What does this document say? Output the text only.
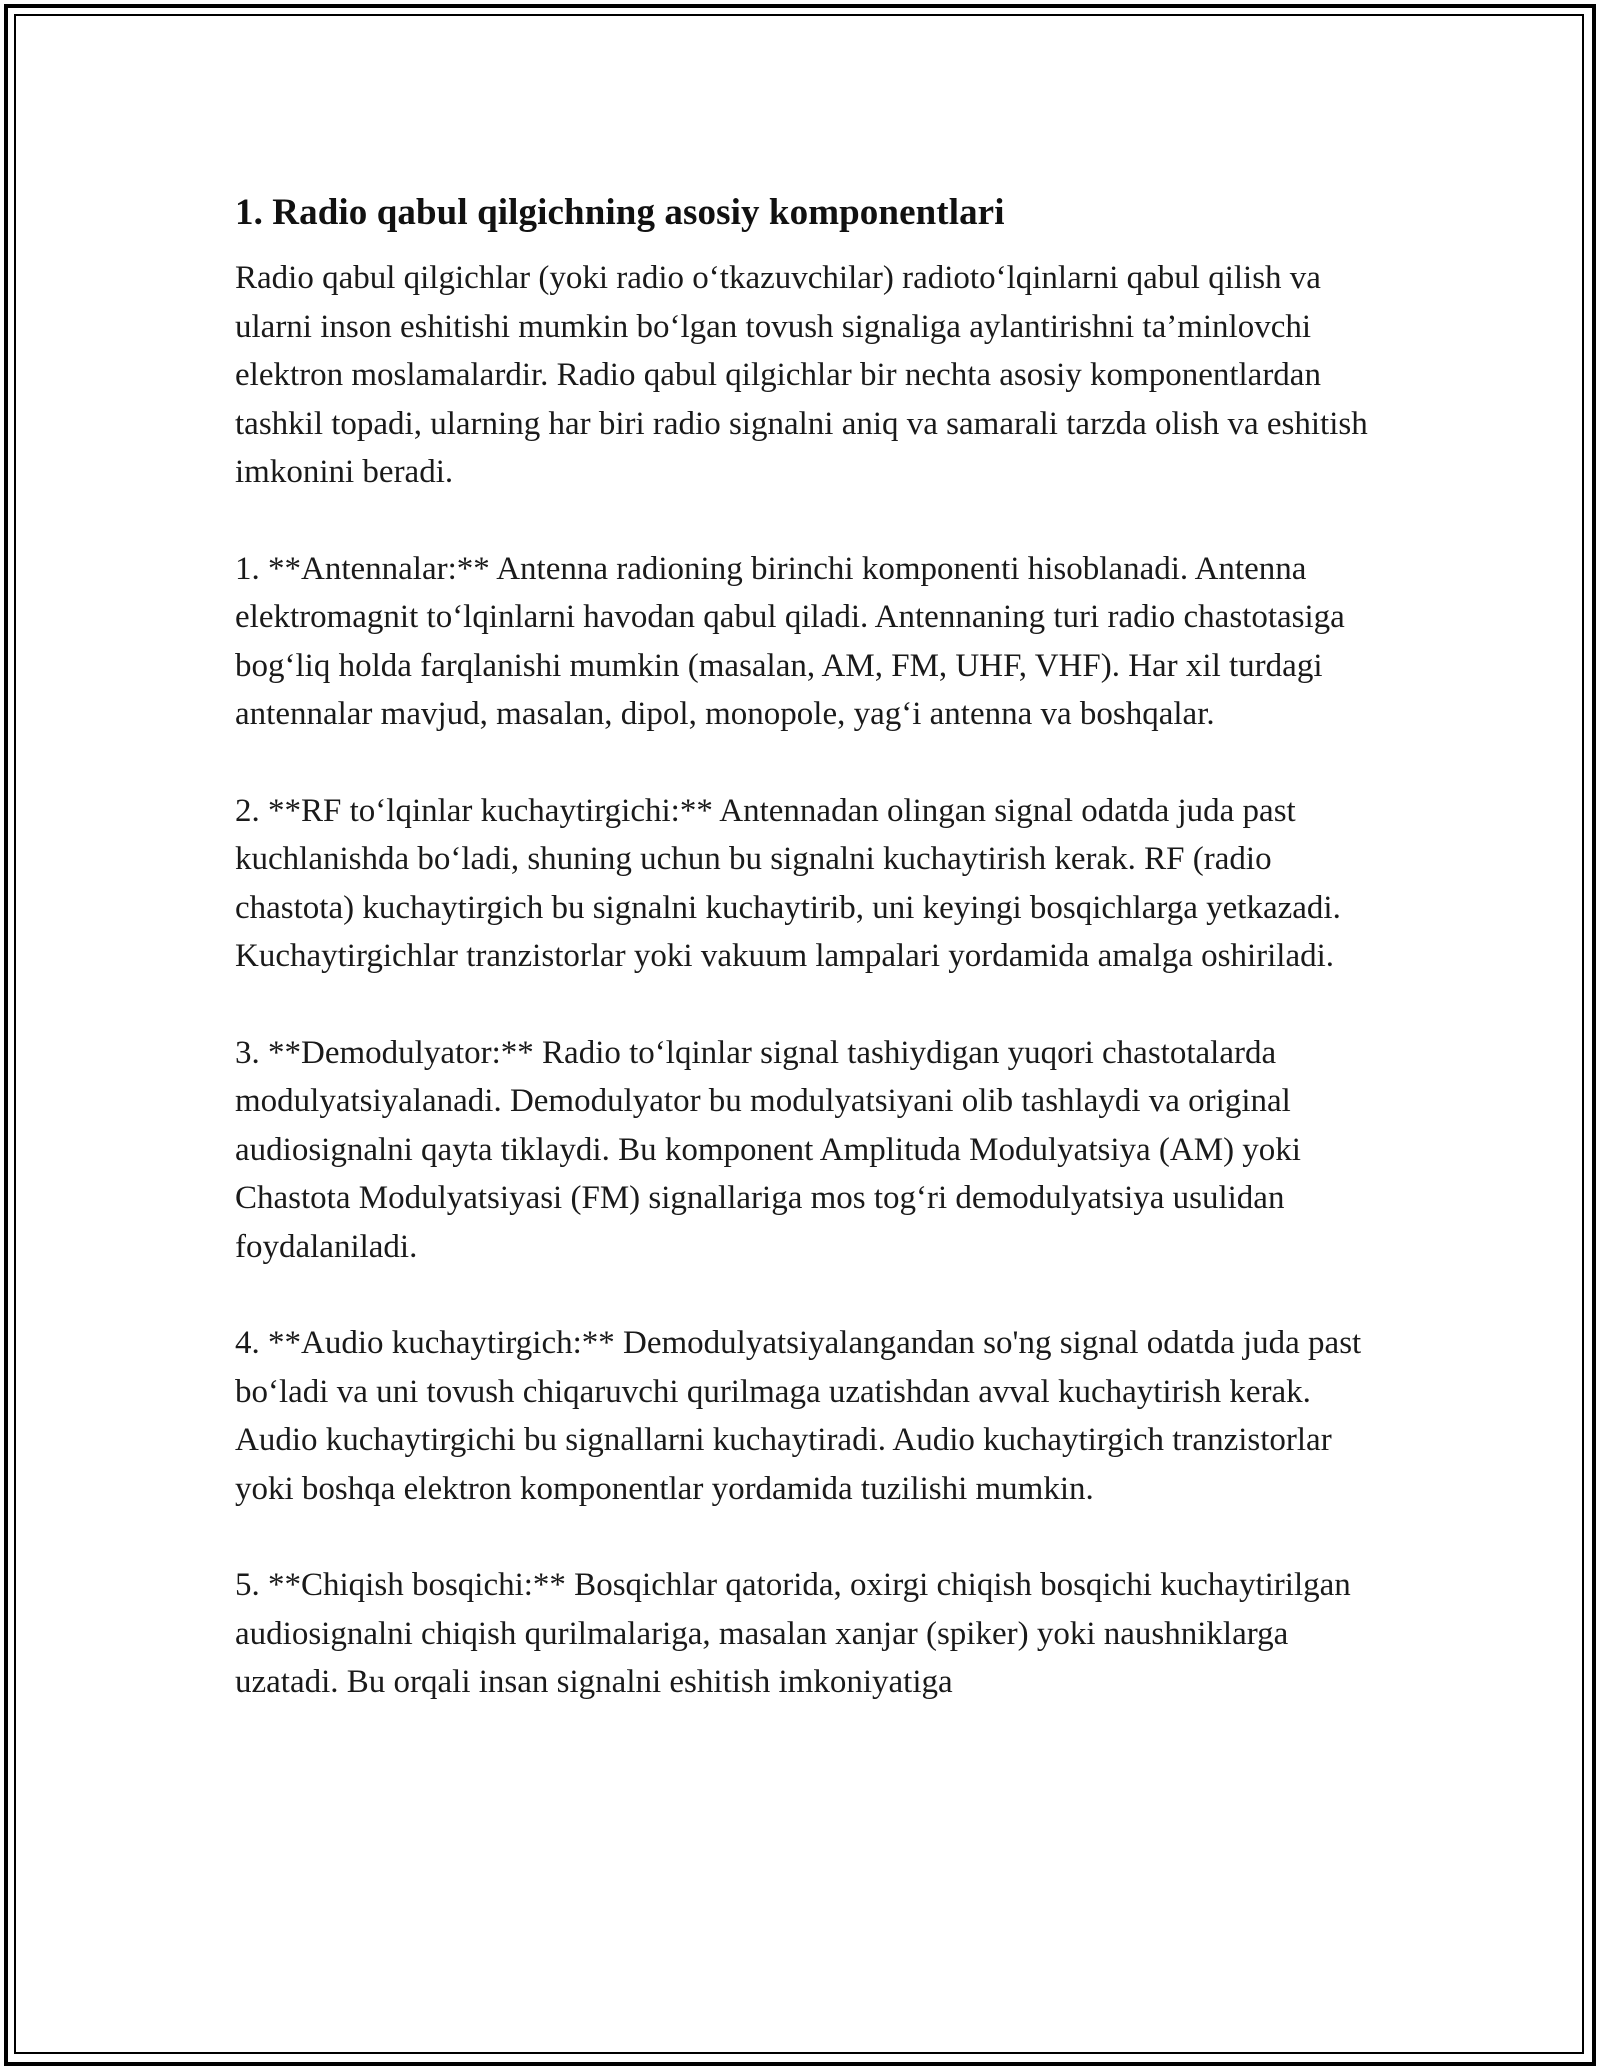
1. Radio qabul qilgichning asosiy komponentlari

Radio qabul qilgichlar (yoki radio o‘tkazuvchilar) radioto‘lqinlarni qabul qilish va ularni inson eshitishi mumkin bo‘lgan tovush signaliga aylantirishni ta’minlovchi elektron moslamalardir. Radio qabul qilgichlar bir nechta asosiy komponentlardan tashkil topadi, ularning har biri radio signalni aniq va samarali tarzda olish va eshitish imkonini beradi.

1. **Antennalar:** Antenna radioning birinchi komponenti hisoblanadi. Antenna elektromagnit to‘lqinlarni havodan qabul qiladi. Antennaning turi radio chastotasiga bog‘liq holda farqlanishi mumkin (masalan, AM, FM, UHF, VHF). Har xil turdagi antennalar mavjud, masalan, dipol, monopole, yag‘i antenna va boshqalar.

2. **RF to‘lqinlar kuchaytirgichi:** Antennadan olingan signal odatda juda past kuchlanishda bo‘ladi, shuning uchun bu signalni kuchaytirish kerak. RF (radio chastota) kuchaytirgich bu signalni kuchaytirib, uni keyingi bosqichlarga yetkazadi. Kuchaytirgichlar tranzistorlar yoki vakuum lampalari yordamida amalga oshiriladi.

3. **Demodulyator:** Radio to‘lqinlar signal tashiydigan yuqori chastotalarda modulyatsiyalanadi. Demodulyator bu modulyatsiyani olib tashlaydi va original audiosignalni qayta tiklaydi. Bu komponent Amplituda Modulyatsiya (AM) yoki Chastota Modulyatsiyasi (FM) signallariga mos tog‘ri demodulyatsiya usulidan foydalaniladi.

4. **Audio kuchaytirgich:** Demodulyatsiyalangandan so'ng signal odatda juda past bo‘ladi va uni tovush chiqaruvchi qurilmaga uzatishdan avval kuchaytirish kerak. Audio kuchaytirgichi bu signallarni kuchaytiradi. Audio kuchaytirgich tranzistorlar yoki boshqa elektron komponentlar yordamida tuzilishi mumkin.

5. **Chiqish bosqichi:** Bosqichlar qatorida, oxirgi chiqish bosqichi kuchaytirilgan audiosignalni chiqish qurilmalariga, masalan xanjar (spiker) yoki naushniklarga uzatadi. Bu orqali insan signalni eshitish imkoniyatiga
